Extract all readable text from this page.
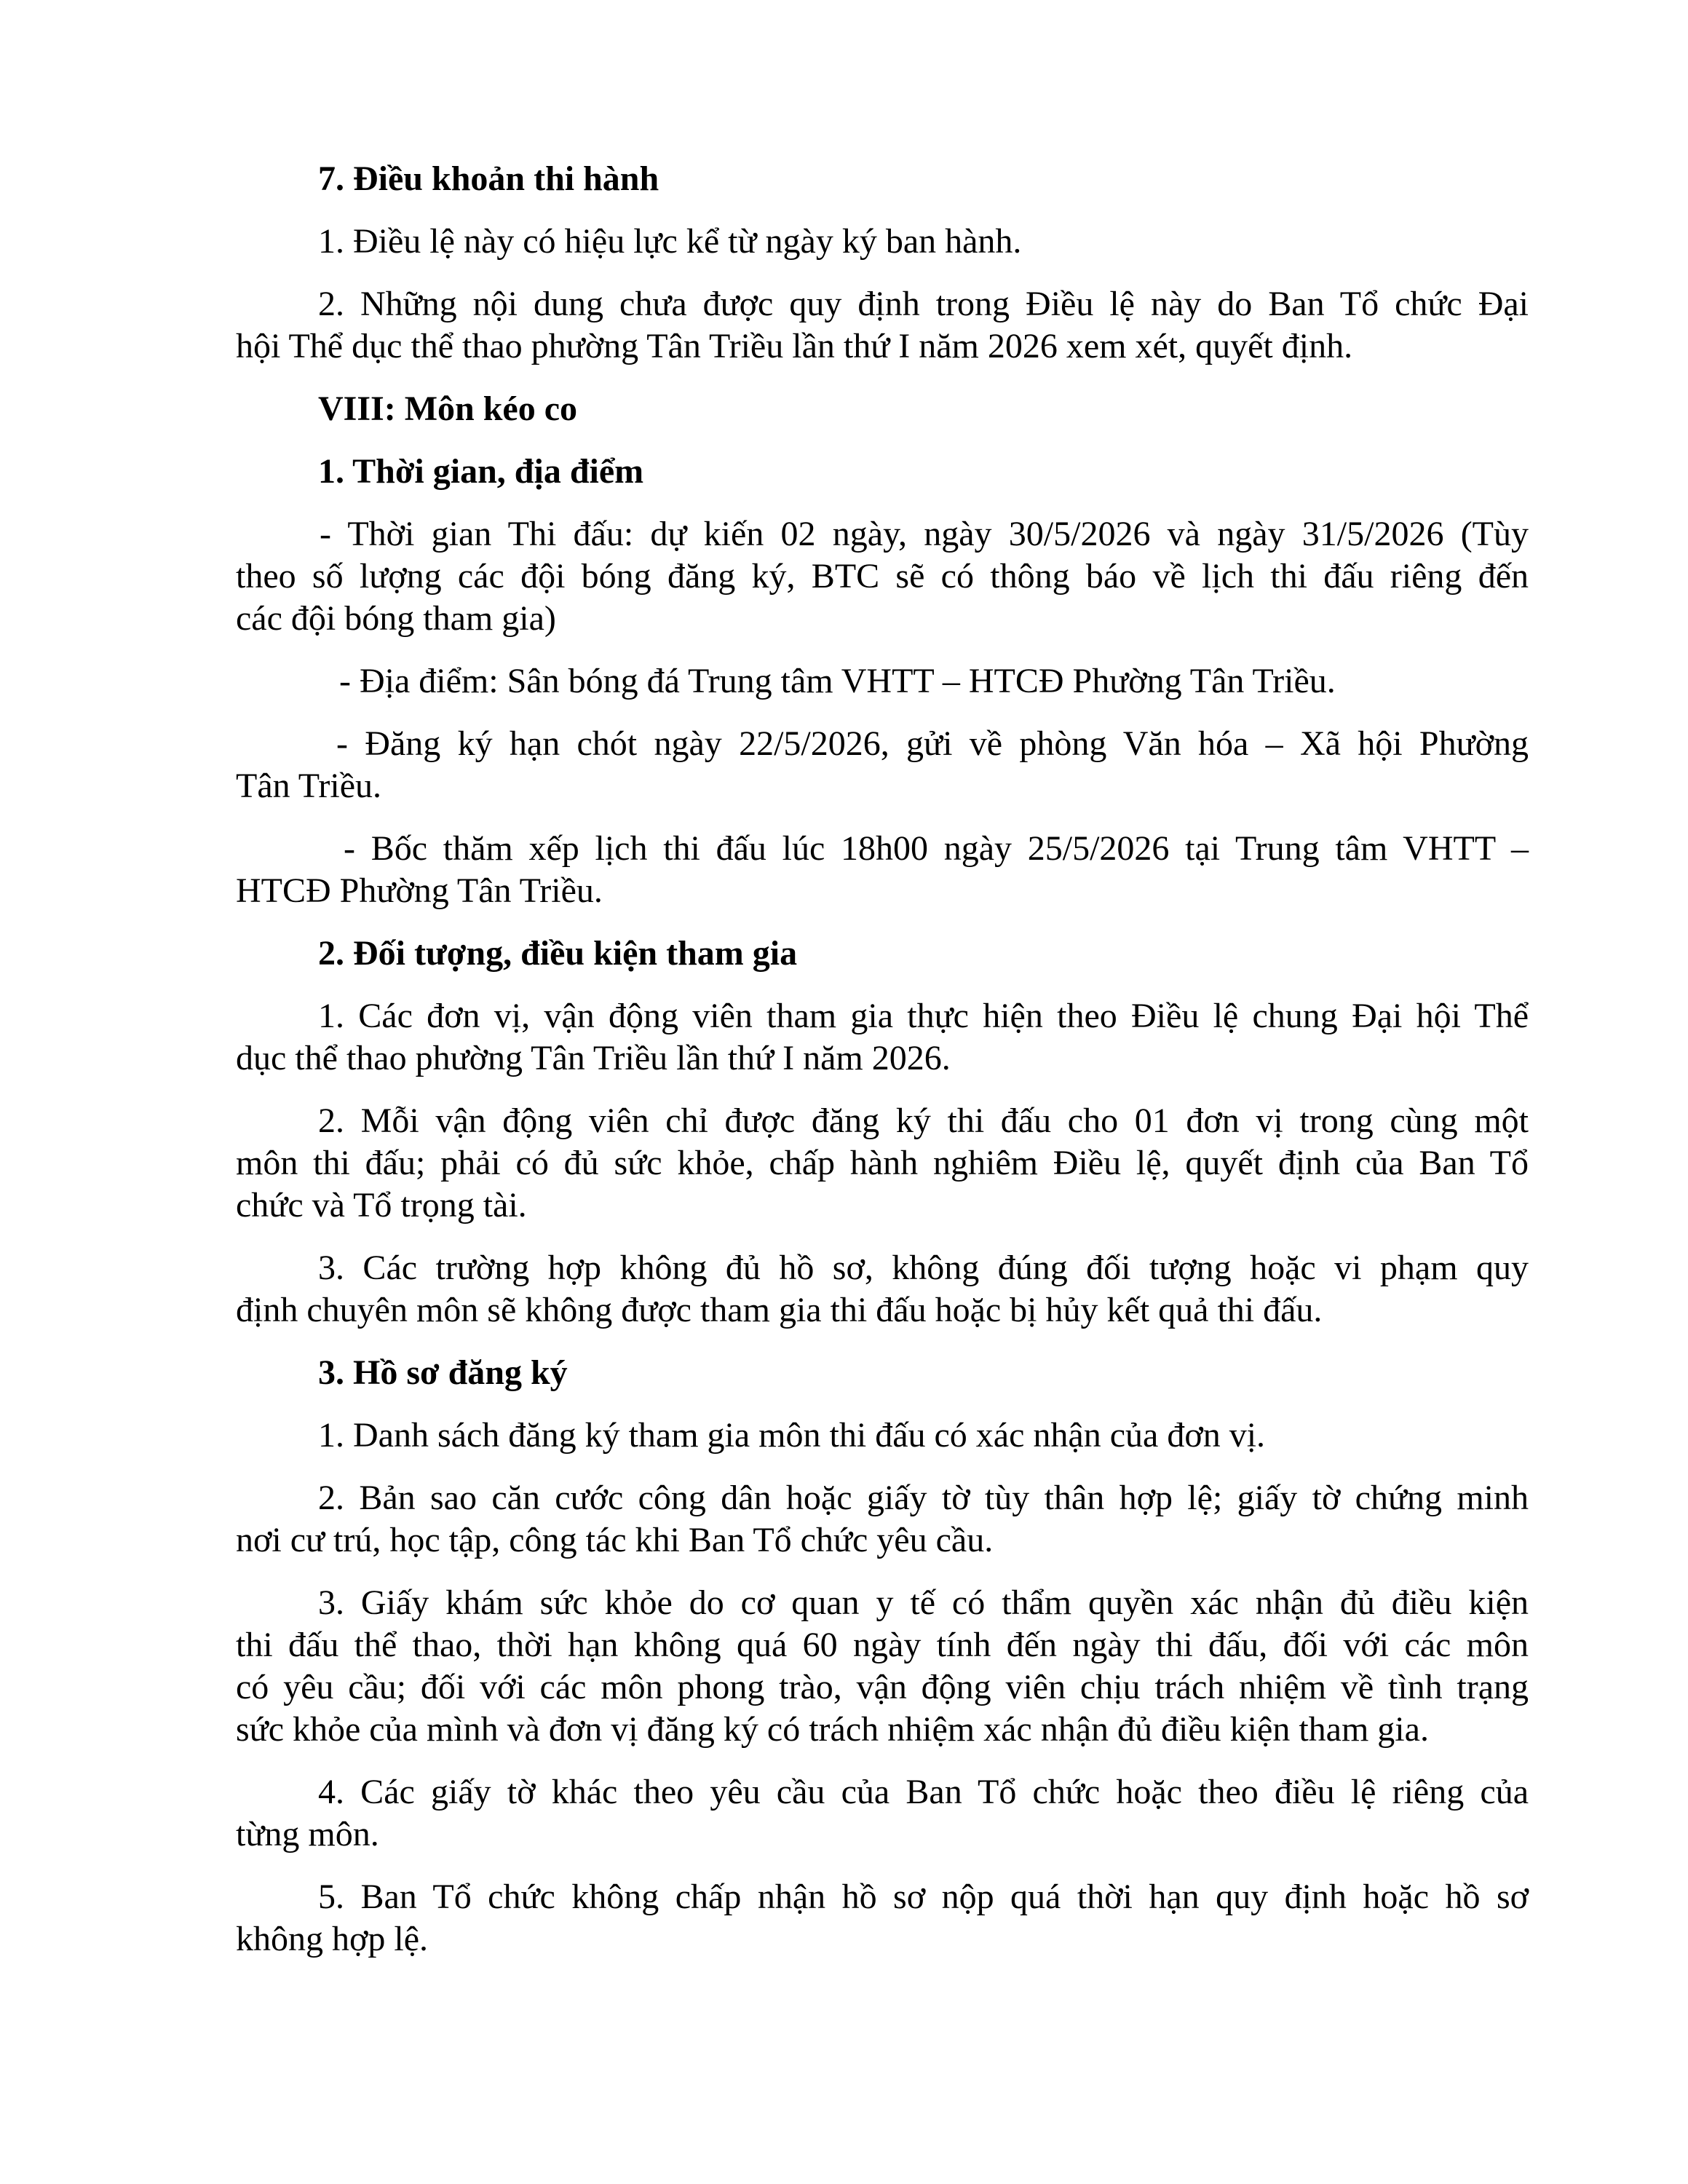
7. Điều khoản thi hành
1. Điều lệ này có hiệu lực kể từ ngày ký ban hành.
2. Những nội dung chưa được quy định trong Điều lệ này do Ban Tổ chức Đại
hội Thể dục thể thao phường Tân Triều lần thứ I năm 2026 xem xét, quyết định.
VIII: Môn kéo co
1. Thời gian, địa điểm
- Thời gian Thi đấu: dự kiến 02 ngày, ngày 30/5/2026 và ngày 31/5/2026 (Tùy
theo số lượng các đội bóng đăng ký, BTC sẽ có thông báo về lịch thi đấu riêng đến
các đội bóng tham gia)
- Địa điểm: Sân bóng đá Trung tâm VHTT – HTCĐ Phường Tân Triều.
- Đăng ký hạn chót ngày 22/5/2026, gửi về phòng Văn hóa – Xã hội Phường
Tân Triều.
- Bốc thăm xếp lịch thi đấu lúc 18h00 ngày 25/5/2026 tại Trung tâm VHTT –
HTCĐ Phường Tân Triều.
2. Đối tượng, điều kiện tham gia
1. Các đơn vị, vận động viên tham gia thực hiện theo Điều lệ chung Đại hội Thể
dục thể thao phường Tân Triều lần thứ I năm 2026.
2. Mỗi vận động viên chỉ được đăng ký thi đấu cho 01 đơn vị trong cùng một
môn thi đấu; phải có đủ sức khỏe, chấp hành nghiêm Điều lệ, quyết định của Ban Tổ
chức và Tổ trọng tài.
3. Các trường hợp không đủ hồ sơ, không đúng đối tượng hoặc vi phạm quy
định chuyên môn sẽ không được tham gia thi đấu hoặc bị hủy kết quả thi đấu.
3. Hồ sơ đăng ký
1. Danh sách đăng ký tham gia môn thi đấu có xác nhận của đơn vị.
2. Bản sao căn cước công dân hoặc giấy tờ tùy thân hợp lệ; giấy tờ chứng minh
nơi cư trú, học tập, công tác khi Ban Tổ chức yêu cầu.
3. Giấy khám sức khỏe do cơ quan y tế có thẩm quyền xác nhận đủ điều kiện
thi đấu thể thao, thời hạn không quá 60 ngày tính đến ngày thi đấu, đối với các môn
có yêu cầu; đối với các môn phong trào, vận động viên chịu trách nhiệm về tình trạng
sức khỏe của mình và đơn vị đăng ký có trách nhiệm xác nhận đủ điều kiện tham gia.
4. Các giấy tờ khác theo yêu cầu của Ban Tổ chức hoặc theo điều lệ riêng của
từng môn.
5. Ban Tổ chức không chấp nhận hồ sơ nộp quá thời hạn quy định hoặc hồ sơ
không hợp lệ.
